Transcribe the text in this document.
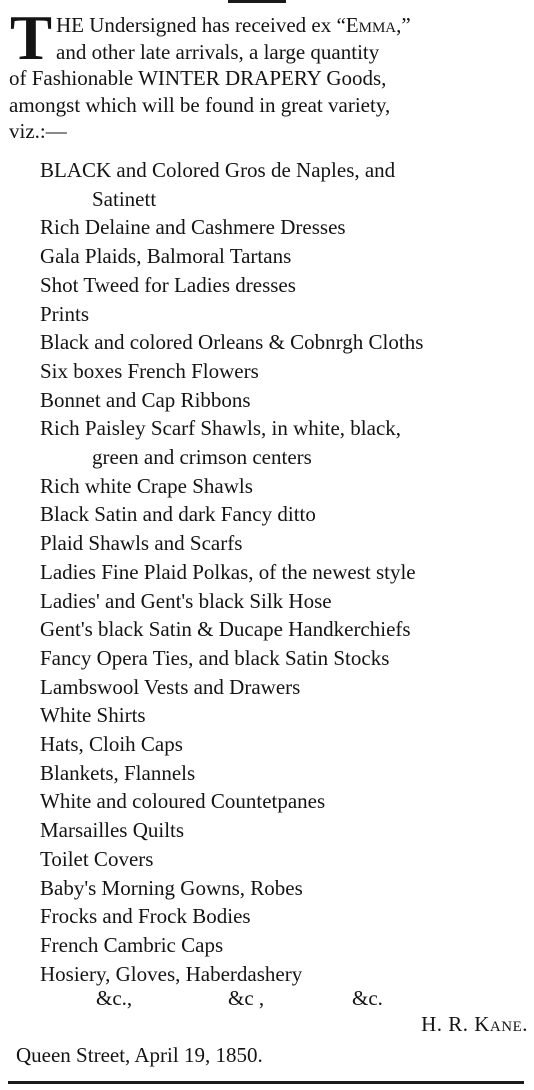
T HE Undersigned has received ex “Emma,”
and other late arrivals, a large quantity
of Fashionable WINTER DRAPERY Goods,
amongst which will be found in great variety,
viz.:—
BLACK and Colored Gros de Naples, and
Satinett
Rich Delaine and Cashmere Dresses
Gala Plaids, Balmoral Tartans
Shot Tweed for Ladies dresses
Prints
Black and colored Orleans & Cobnrgh Cloths
Six boxes French Flowers
Bonnet and Cap Ribbons
Rich Paisley Scarf Shawls, in white, black,
green and crimson centers
Rich white Crape Shawls
Black Satin and dark Fancy ditto
Plaid Shawls and Scarfs
Ladies Fine Plaid Polkas, of the newest style
Ladies' and Gent's black Silk Hose
Gent's black Satin & Ducape Handkerchiefs
Fancy Opera Ties, and black Satin Stocks
Lambswool Vests and Drawers
White Shirts
Hats, Cloih Caps
Blankets, Flannels
White and coloured Countetpanes
Marsailles Quilts
Toilet Covers
Baby's Morning Gowns, Robes
Frocks and Frock Bodies
French Cambric Caps
Hosiery, Gloves, Haberdashery
&c.,	&c ,	&c.
H. R. Kane.
Queen Street, April 19, 1850.
